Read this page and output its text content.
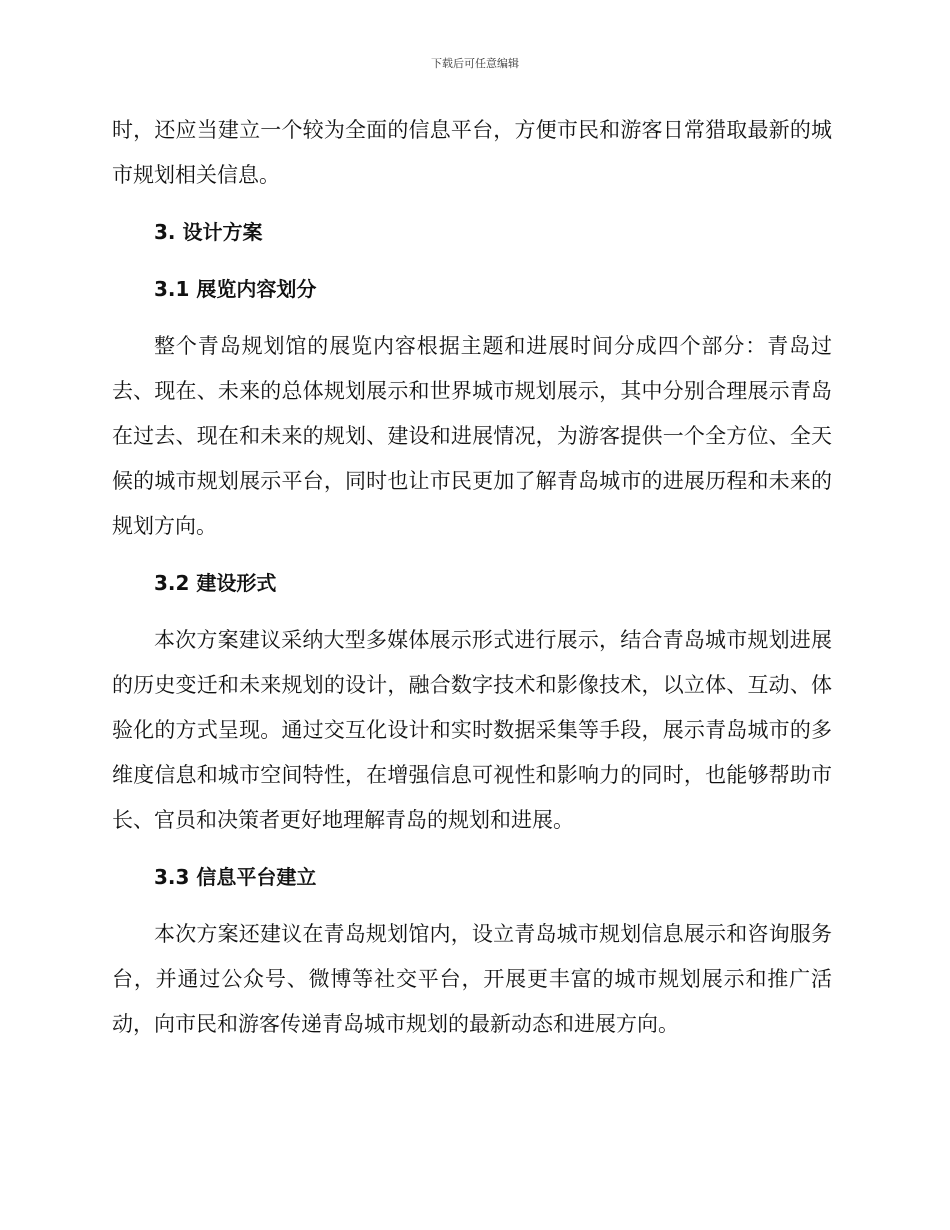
下载后可任意编辑

时，还应当建立一个较为全面的信息平台，方便市民和游客日常猎取最新的城市规划相关信息。

3. 设计方案
3.1 展览内容划分

整个青岛规划馆的展览内容根据主题和进展时间分成四个部分：青岛过去、现在、未来的总体规划展示和世界城市规划展示，其中分别合理展示青岛在过去、现在和未来的规划、建设和进展情况，为游客提供一个全方位、全天候的城市规划展示平台，同时也让市民更加了解青岛城市的进展历程和未来的规划方向。

3.2 建设形式

本次方案建议采纳大型多媒体展示形式进行展示，结合青岛城市规划进展的历史变迁和未来规划的设计，融合数字技术和影像技术，以立体、互动、体验化的方式呈现。通过交互化设计和实时数据采集等手段，展示青岛城市的多维度信息和城市空间特性，在增强信息可视性和影响力的同时，也能够帮助市长、官员和决策者更好地理解青岛的规划和进展。

3.3 信息平台建立

本次方案还建议在青岛规划馆内，设立青岛城市规划信息展示和咨询服务台，并通过公众号、微博等社交平台，开展更丰富的城市规划展示和推广活动，向市民和游客传递青岛城市规划的最新动态和进展方向。
